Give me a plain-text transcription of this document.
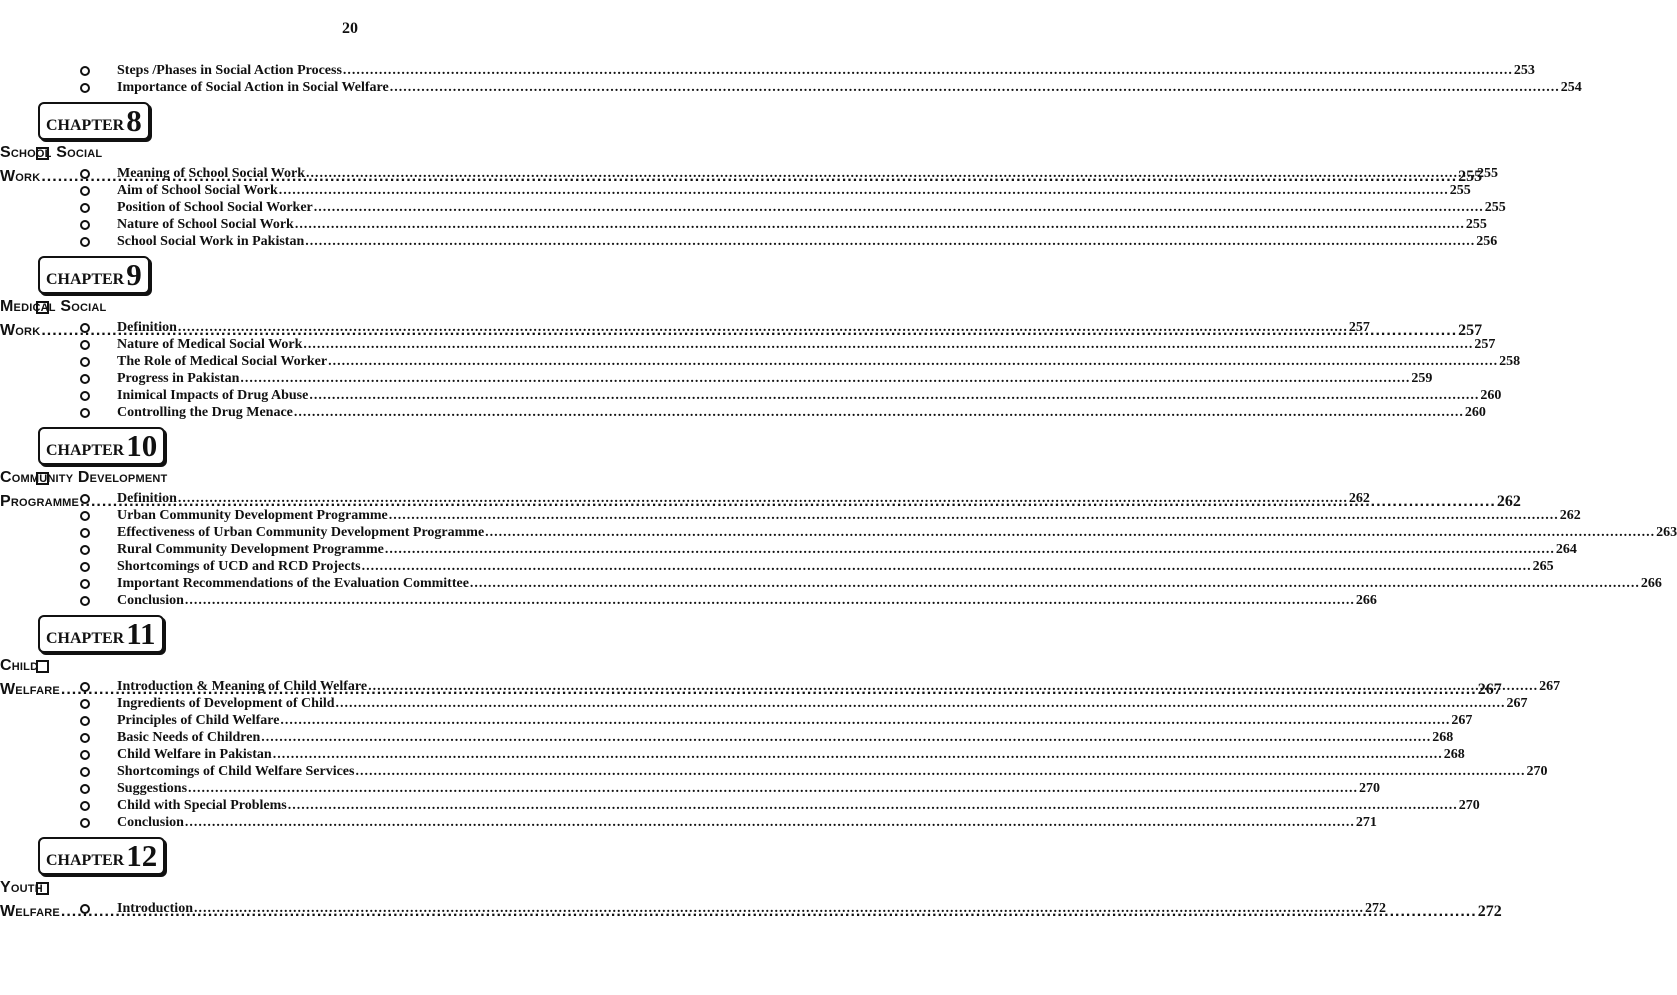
20
Steps /Phases in Social Action Process .....	253
Importance of Social Action in Social Welfare .....	254
CHAPTER 8
School Social Work .....	255
Meaning of School Social Work .....	255
Aim of School Social Work .....	255
Position of School Social Worker .....	255
Nature of School Social Work .....	255
School Social Work in Pakistan .....	256
CHAPTER 9
Medical Social Work .....	257
Definition .....	257
Nature of Medical Social Work .....	257
The Role of Medical Social Worker .....	258
Progress in Pakistan .....	259
Inimical Impacts of Drug Abuse .....	260
Controlling the Drug Menace .....	260
CHAPTER 10
Community Development Programme .....	262
Definition .....	262
Urban Community Development Programme .....	262
Effectiveness of Urban Community Development Programme .....	263
Rural Community Development Programme .....	264
Shortcomings of UCD and RCD Projects .....	265
Important Recommendations of the Evaluation Committee .....	266
Conclusion .....	266
CHAPTER 11
Child Welfare .....	267
Introduction & Meaning of Child Welfare .....	267
Ingredients of Development of Child .....	267
Principles of Child Welfare .....	267
Basic Needs of Children .....	268
Child Welfare in Pakistan .....	268
Shortcomings of Child Welfare Services .....	270
Suggestions .....	270
Child with Special Problems .....	270
Conclusion .....	271
CHAPTER 12
Youth Welfare .....	272
Introduction .....	272
